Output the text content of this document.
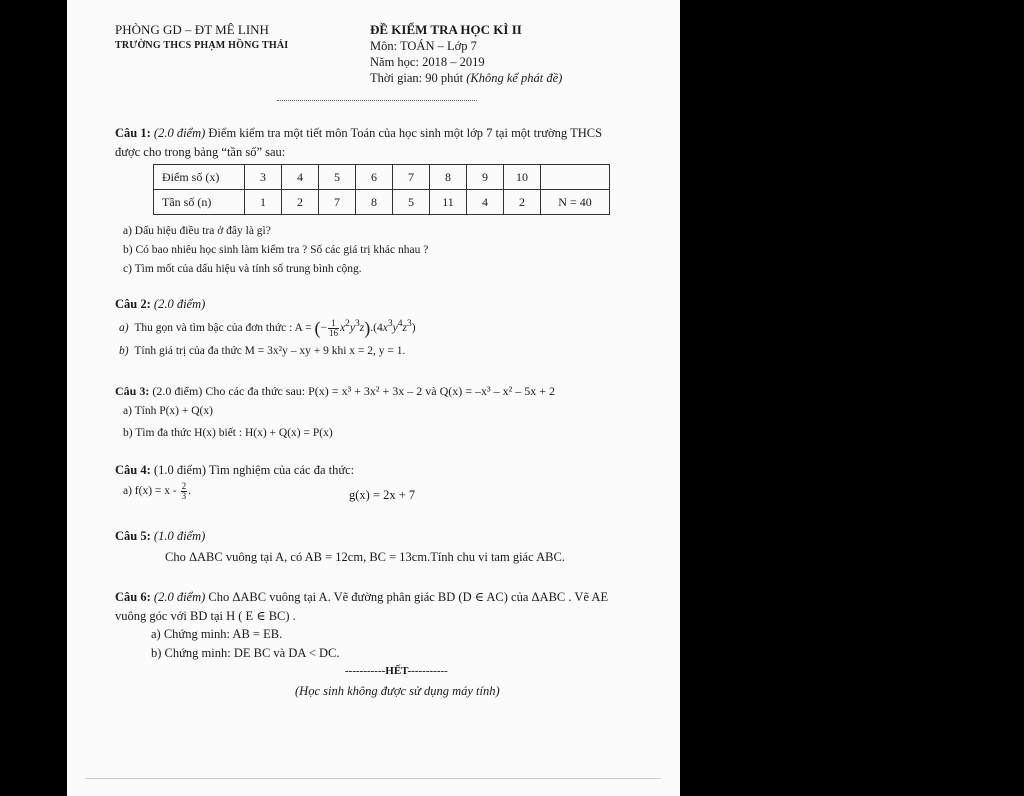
PHÒNG GD – ĐT MÊ LINH
TRƯỜNG THCS PHẠM HỒNG THÁI
ĐỀ KIỂM TRA HỌC KÌ II
Môn: TOÁN – Lớp 7
Năm học: 2018 – 2019
Thời gian: 90 phút (Không kể phát đề)
Câu 1: (2.0 điểm) Điểm kiểm tra một tiết môn Toán của học sinh một lớp 7 tại một trường THCS
được cho trong bảng “tần số” sau:
Điểm số (x)	3	4	5	6	7	8	9	10	
Tần số (n)	1	2	7	8	5	11	4	2	N = 40
a) Dấu hiệu điều tra ở đây là gì?
b) Có bao nhiêu học sinh làm kiểm tra ? Số các giá trị khác nhau ?
c) Tìm mốt của dấu hiệu và tính số trung bình cộng.
Câu 2: (2.0 điểm)
a) Thu gọn và tìm bậc của đơn thức : A = (− $\frac{1}{16} x^2y^3z).(4x^3y^4z^3)$
b) Tính giá trị của đa thức M = 3x²y – xy + 9 khi x = 2, y = 1.
Câu 3: (2.0 điểm) Cho các đa thức sau: P(x) = x³ + 3x² + 3x – 2 và Q(x) = –x³ – x² – 5x + 2
a) Tính P(x) + Q(x)
b) Tìm đa thức H(x) biết : H(x) + Q(x) = P(x)
Câu 4: (1.0 điểm) Tìm nghiệm của các đa thức:
a) $f(x) = x - \frac{2}{3}$ .	g(x) = 2x + 7
Câu 5: (1.0 điểm)
Cho ΔABC vuông tại A, có AB = 12cm, BC = 13cm.Tính chu vi tam giác ABC.
Câu 6: (2.0 điểm) Cho ΔABC vuông tại A. Vẽ đường phân giác BD (D ∈ AC) của ΔABC . Vẽ AE
vuông góc với BD tại H ( E ∈ BC) .
a) Chứng minh: AB = EB.
b) Chứng minh: DE BC và DA < DC.
-----------HẾT-----------
(Học sinh không được sử dụng máy tính)
